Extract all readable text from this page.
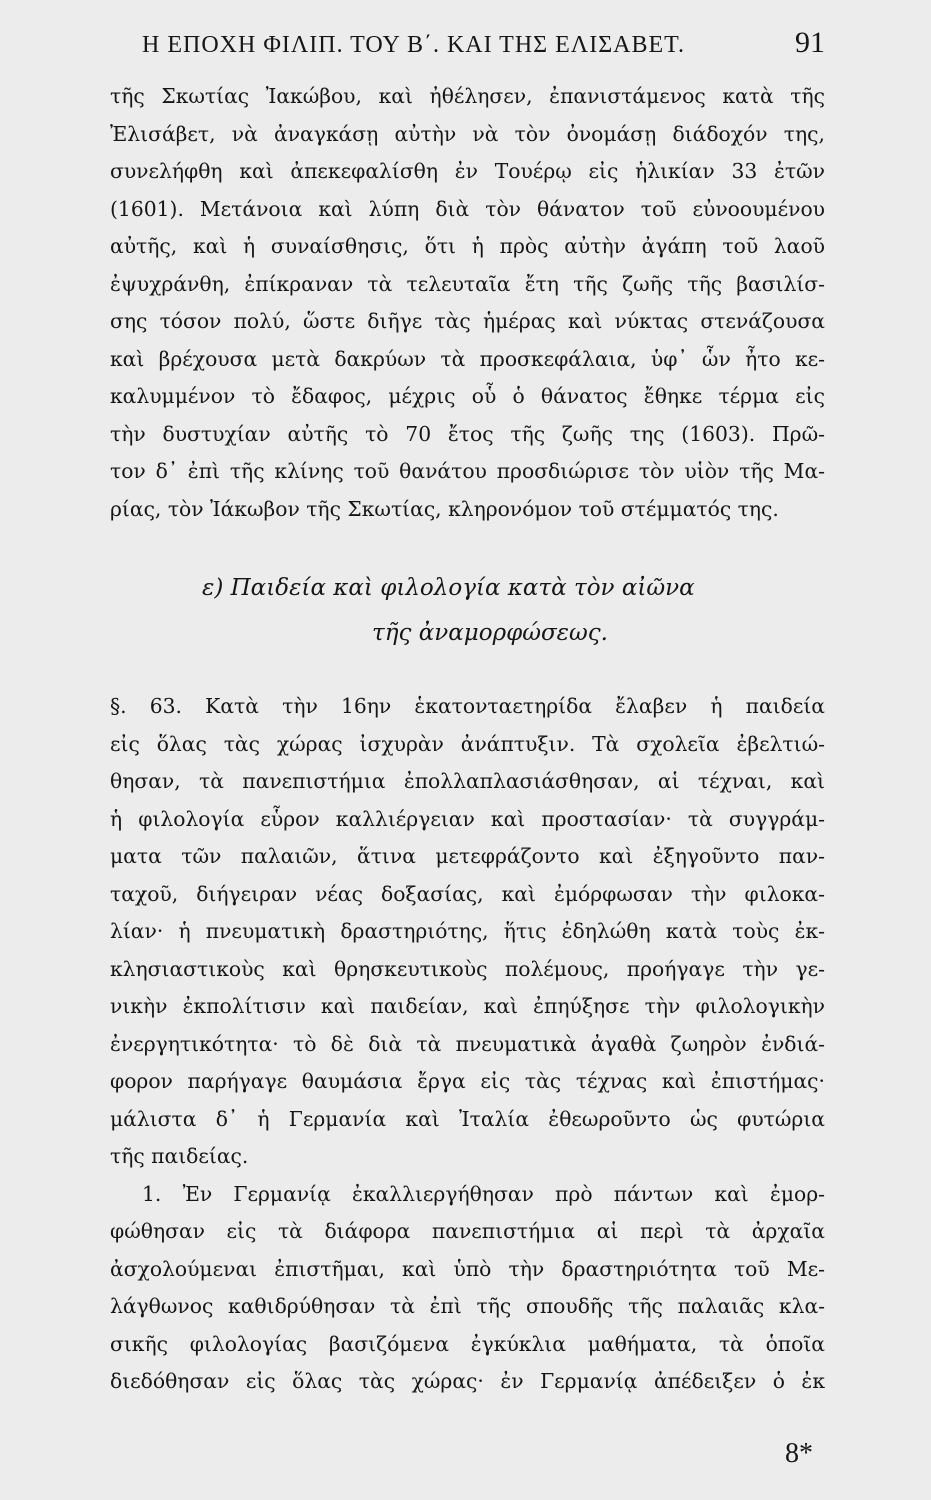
Η ΕΠΟΧΗ ΦΙΛΙΠ. ΤΟΥ Β΄. ΚΑΙ ΤΗΣ ΕΛΙΣΑΒΕΤ.	91
τῆς Σκωτίας Ἰακώβου, καὶ ἠθέλησεν, ἐπανιστάμενος κατὰ τῆς
Ἐλισάβετ, νὰ ἀναγκάσῃ αὐτὴν νὰ τὸν ὀνομάσῃ διάδοχόν της,
συνελήφθη καὶ ἀπεκεφαλίσθη ἐν Τουέρῳ εἰς ἡλικίαν 33 ἐτῶν
(1601). Μετάνοια καὶ λύπη διὰ τὸν θάνατον τοῦ εὐνοουμένου
αὐτῆς, καὶ ἡ συναίσθησις, ὅτι ἡ πρὸς αὐτὴν ἀγάπη τοῦ λαοῦ
ἐψυχράνθη, ἐπίκραναν τὰ τελευταῖα ἔτη τῆς ζωῆς τῆς βασιλίσ-
σης τόσον πολύ, ὥστε διῆγε τὰς ἡμέρας καὶ νύκτας στενάζουσα
καὶ βρέχουσα μετὰ δακρύων τὰ προσκεφάλαια, ὑφ᾽ ὧν ἦτο κε-
καλυμμένον τὸ ἔδαφος, μέχρις οὗ ὁ θάνατος ἔθηκε τέρμα εἰς
τὴν δυστυχίαν αὐτῆς τὸ 70 ἔτος τῆς ζωῆς της (1603). Πρῶ-
τον δ᾽ ἐπὶ τῆς κλίνης τοῦ θανάτου προσδιώρισε τὸν υἱὸν τῆς Μα-
ρίας, τὸν Ἰάκωβον τῆς Σκωτίας, κληρονόμον τοῦ στέμματός της.
ε) Παιδεία καὶ φιλολογία κατὰ τὸν αἰῶνα
τῆς ἀναμορφώσεως.
§. 63. Κατὰ τὴν 16ην ἑκατονταετηρίδα ἔλαβεν ἡ παιδεία
εἰς ὅλας τὰς χώρας ἰσχυρὰν ἀνάπτυξιν. Τὰ σχολεῖα ἐβελτιώ-
θησαν, τὰ πανεπιστήμια ἐπολλαπλασιάσθησαν, αἱ τέχναι, καὶ
ἡ φιλολογία εὗρον καλλιέργειαν καὶ προστασίαν· τὰ συγγράμ-
ματα τῶν παλαιῶν, ἅτινα μετεφράζοντο καὶ ἐξηγοῦντο παν-
ταχοῦ, διήγειραν νέας δοξασίας, καὶ ἐμόρφωσαν τὴν φιλοκα-
λίαν· ἡ πνευματικὴ δραστηριότης, ἥτις ἐδηλώθη κατὰ τοὺς ἐκ-
κλησιαστικοὺς καὶ θρησκευτικοὺς πολέμους, προήγαγε τὴν γε-
νικὴν ἐκπολίτισιν καὶ παιδείαν, καὶ ἐπηύξησε τὴν φιλολογικὴν
ἐνεργητικότητα· τὸ δὲ διὰ τὰ πνευματικὰ ἀγαθὰ ζωηρὸν ἐνδιά-
φορον παρήγαγε θαυμάσια ἔργα εἰς τὰς τέχνας καὶ ἐπιστήμας·
μάλιστα δ᾽ ἡ Γερμανία καὶ Ἰταλία ἐθεωροῦντο ὡς φυτώρια
τῆς παιδείας.
1. Ἐν Γερμανίᾳ ἐκαλλιεργήθησαν πρὸ πάντων καὶ ἐμορ-
φώθησαν εἰς τὰ διάφορα πανεπιστήμια αἱ περὶ τὰ ἀρχαῖα
ἀσχολούμεναι ἐπιστῆμαι, καὶ ὑπὸ τὴν δραστηριότητα τοῦ Με-
λάγθωνος καθιδρύθησαν τὰ ἐπὶ τῆς σπουδῆς τῆς παλαιᾶς κλα-
σικῆς φιλολογίας βασιζόμενα ἐγκύκλια μαθήματα, τὰ ὁποῖα
διεδόθησαν εἰς ὅλας τὰς χώρας· ἐν Γερμανίᾳ ἀπέδειξεν ὁ ἐκ
8*
